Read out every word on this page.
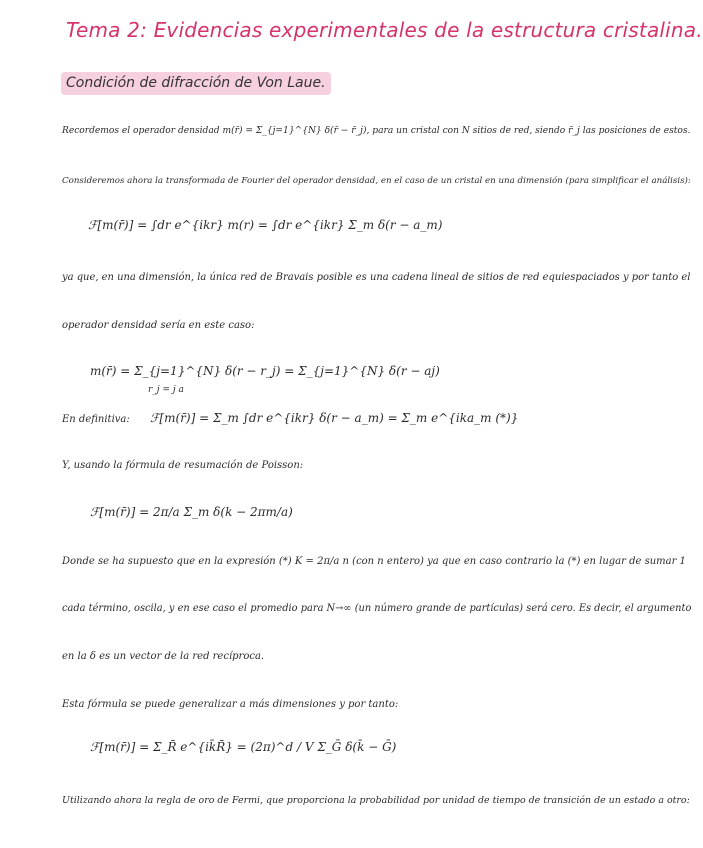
Tema 2: Evidencias experimentales de la estructura cristalina.
Condición de difracción de Von Laue.
Recordemos el operador densidad m(r̄) = Σ_{j=1}^{N} δ(r̄ − r̄_j), para un cristal con N sitios de red, siendo r̄_j las posiciones de estos.
Consideremos ahora la transformada de Fourier del operador densidad, en el caso de un cristal en una dimensión (para simplificar el análisis):
ℱ[m(r̄)] = ∫dr e^{ikr} m(r) = ∫dr e^{ikr} Σ_m δ(r − a_m)
ya que, en una dimensión, la única red de Bravais posible es una cadena lineal de sitios de red equiespaciados y por tanto el
operador densidad sería en este caso:
m(r̄) = Σ_{j=1}^{N} δ(r − r_j) = Σ_{j=1}^{N} δ(r − aj)
r_j = j a
En definitiva: ℱ[m(r̄)] = Σ_m ∫dr e^{ikr} δ(r − a_m) = Σ_m e^{ika_m (*)}
Y, usando la fórmula de resumación de Poisson:
ℱ[m(r̄)] = 2π/a Σ_m δ(k − 2πm/a)
Donde se ha supuesto que en la expresión (*) K = 2π/a n (con n entero) ya que en caso contrario la (*) en lugar de sumar 1
cada término, oscila, y en ese caso el promedio para N→∞ (un número grande de partículas) será cero. Es decir, el argumento
en la δ es un vector de la red recíproca.
Esta fórmula se puede generalizar a más dimensiones y por tanto:
ℱ[m(r̄)] = Σ_R̄ e^{ik̄R̄} = (2π)^d / V Σ_Ḡ δ(k̄ − Ḡ)
Utilizando ahora la regla de oro de Fermi, que proporciona la probabilidad por unidad de tiempo de transición de un estado a otro:
